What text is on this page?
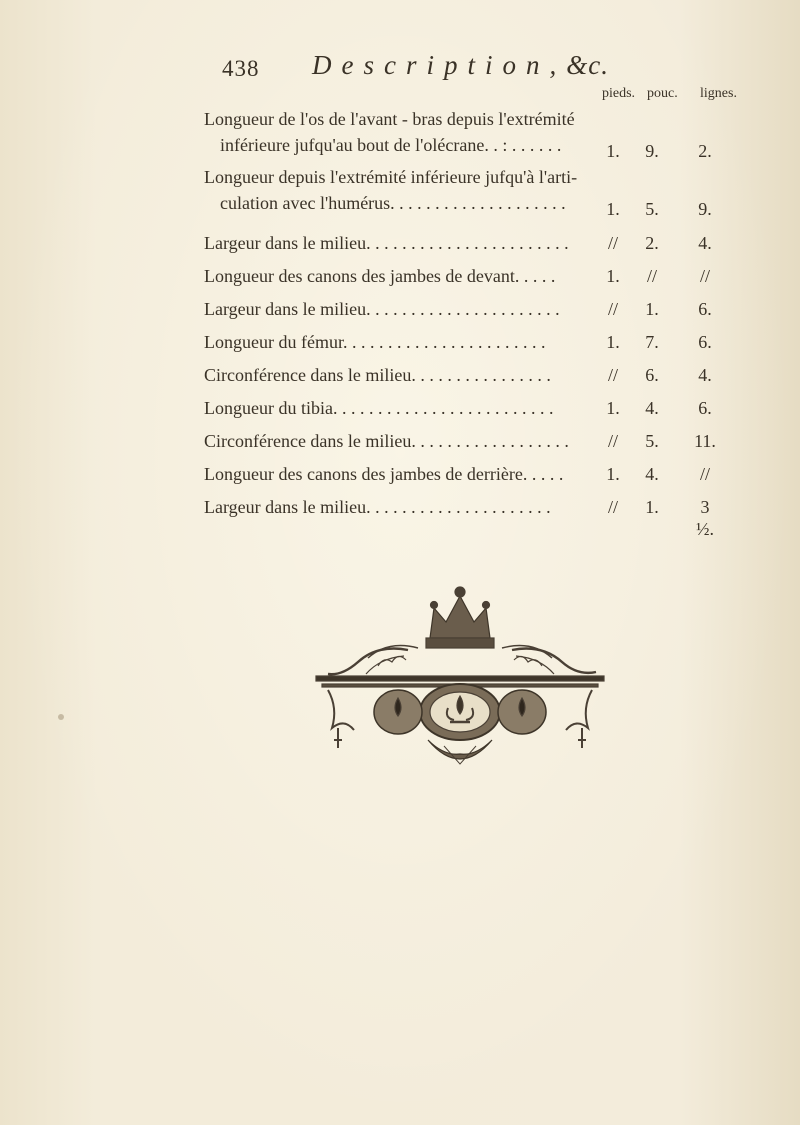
438 Description,&c.
pieds. pouc. lignes.
Longueur de l'os de l'avant - bras depuis l'extrémité
inférieure jufqu'au bout de l'olécrane. . : . . . . . .	1.	9.	2.
Longueur depuis l'extrémité inférieure jufqu'à l'arti-
culation avec l'humérus. . . . . . . . . . . . . . . . . . . .	1.	5.	9.
Largeur dans le milieu. . . . . . . . . . . . . . . . . . . . . . .	//	2.	4.
Longueur des canons des jambes de devant. . . . .	1.	//	//
Largeur dans le milieu. . . . . . . . . . . . . . . . . . . . . .	//	1.	6.
Longueur du fémur. . . . . . . . . . . . . . . . . . . . . . .	1.	7.	6.
Circonférence dans le milieu. . . . . . . . . . . . . . . .	//	6.	4.
Longueur du tibia. . . . . . . . . . . . . . . . . . . . . . . . .	1.	4.	6.
Circonférence dans le milieu. . . . . . . . . . . . . . . . . .	//	5.	11.
Longueur des canons des jambes de derrière. . . . .	1.	4.	//
Largeur dans le milieu. . . . . . . . . . . . . . . . . . . . .	//	1.	3 ½.
